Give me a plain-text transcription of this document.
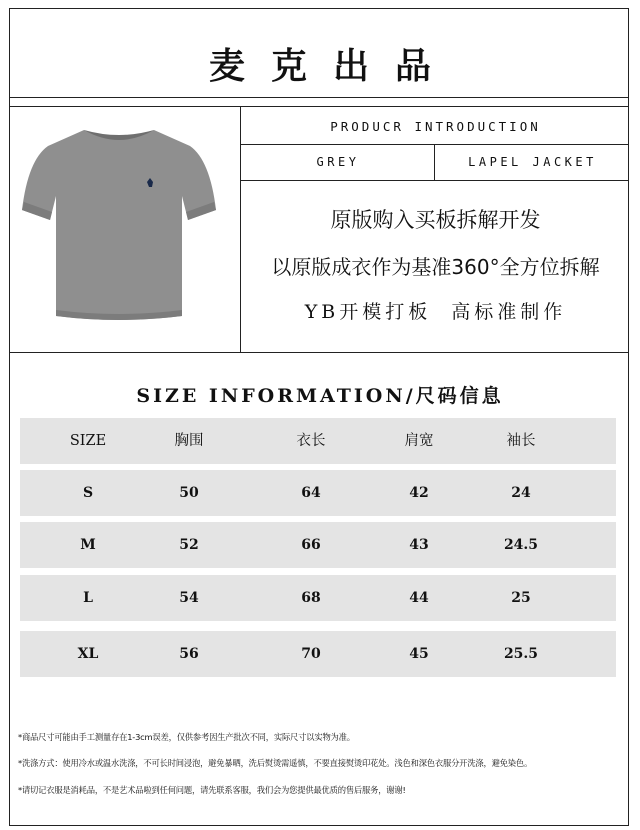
麦克出品
PRODUCR INTRODUCTION
GREY	LAPEL JACKET
原版购入买板拆解开发
以原版成衣作为基准360°全方位拆解
YB开模打板  高标准制作
SIZE INFORMATION/尺码信息
SIZE	胸围	衣长	肩宽	袖长
S	50	64	42	24
M	52	66	43	24.5
L	54	68	44	25
XL	56	70	45	25.5
*商品尺寸可能由手工测量存在1-3cm误差，仅供参考因生产批次不同，实际尺寸以实物为准。
*洗涤方式：使用冷水或温水洗涤，不可长时间浸泡，避免暴晒，洗后熨烫需遥慎，不要直接熨烫印花处。浅色和深色衣服分开洗涤，避免染色。
*请切记衣服是消耗品，不是艺术品啦到任何问题，请先联系客服，我们会为您提供最优质的售后服务，谢谢!
